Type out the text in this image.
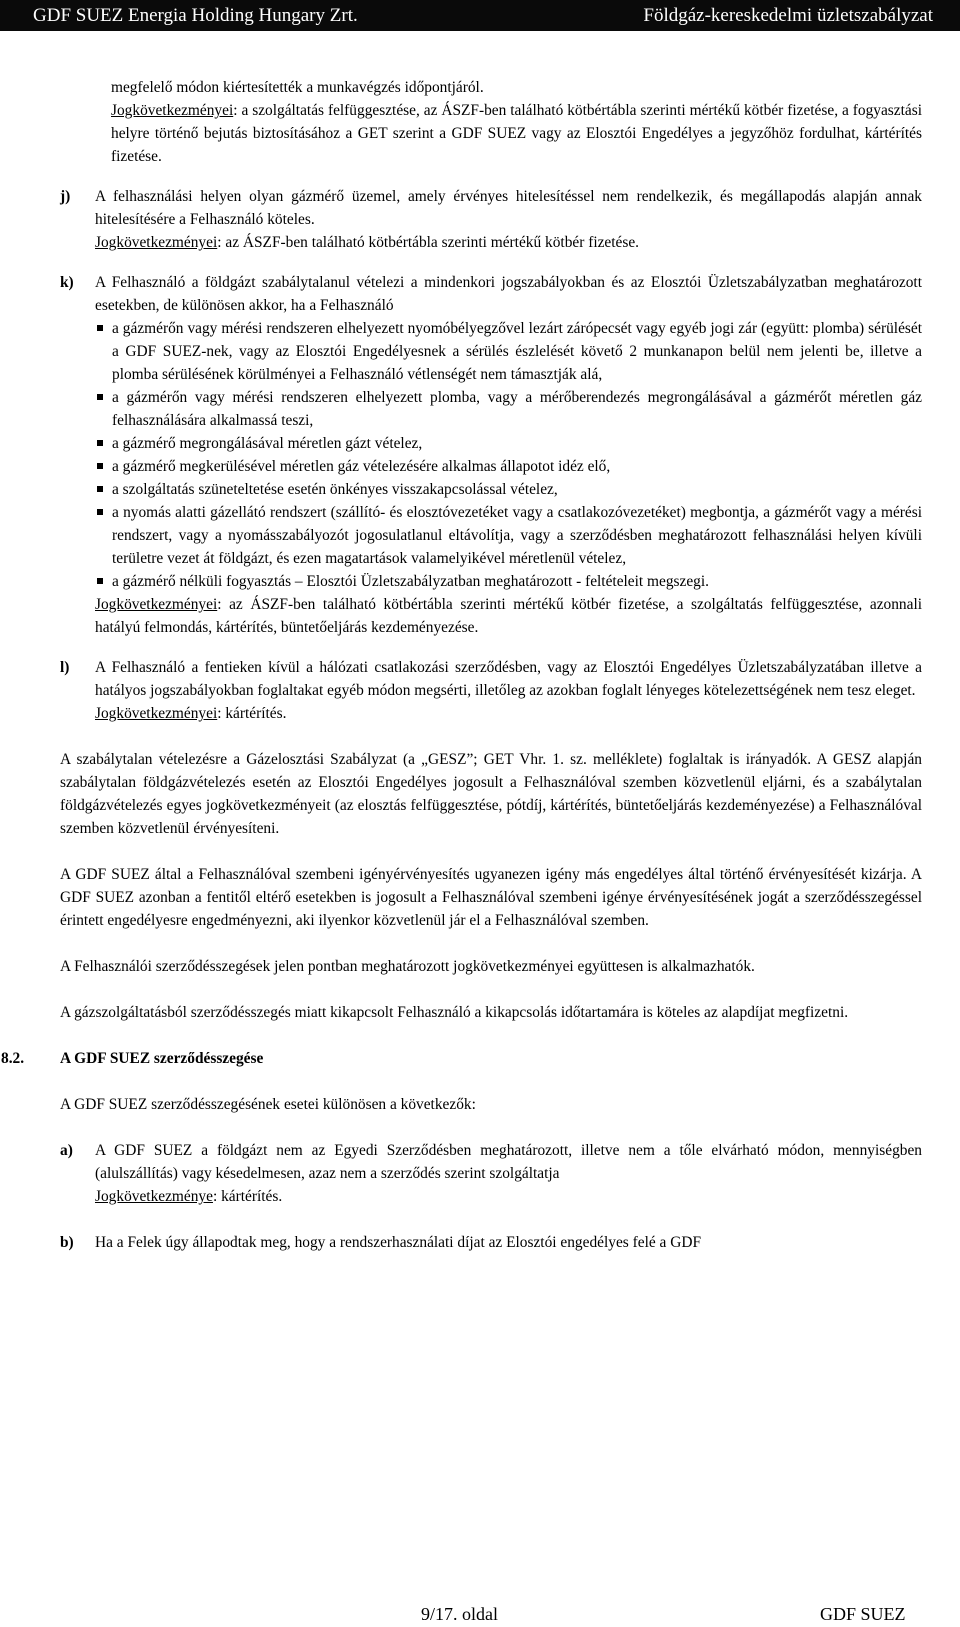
GDF SUEZ Energia Holding Hungary Zrt.	Földgáz-kereskedelmi üzletszabályzat

megfelelő módon kiértesítették a munkavégzés időpontjáról.

Jogkövetkezményei: a szolgáltatás felfüggesztése, az ÁSZF-ben található kötbértábla szerinti mértékű kötbér fizetése, a fogyasztási helyre történő bejutás biztosításához a GET szerint a GDF SUEZ vagy az Elosztói Engedélyes a jegyzőhöz fordulhat, kártérítés fizetése.

j) A felhasználási helyen olyan gázmérő üzemel, amely érvényes hitelesítéssel nem rendelkezik, és megállapodás alapján annak hitelesítésére a Felhasználó köteles.

Jogkövetkezményei: az ÁSZF-ben található kötbértábla szerinti mértékű kötbér fizetése.

k) A Felhasználó a földgázt szabálytalanul vételezi a mindenkori jogszabályokban és az Elosztói Üzletszabályzatban meghatározott esetekben, de különösen akkor, ha a Felhasználó

a gázmérőn vagy mérési rendszeren elhelyezett nyomóbélyegzővel lezárt zárópecsét vagy egyéb jogi zár (együtt: plomba) sérülését a GDF SUEZ-nek, vagy az Elosztói Engedélyesnek a sérülés észlelését követő 2 munkanapon belül nem jelenti be, illetve a plomba sérülésének körülményei a Felhasználó vétlenségét nem támasztják alá,

a gázmérőn vagy mérési rendszeren elhelyezett plomba, vagy a mérőberendezés megrongálásával a gázmérőt méretlen gáz felhasználására alkalmassá teszi,

a gázmérő megrongálásával méretlen gázt vételez,

a gázmérő megkerülésével méretlen gáz vételezésére alkalmas állapotot idéz elő,

a szolgáltatás szüneteltetése esetén önkényes visszakapcsolással vételez,

a nyomás alatti gázellátó rendszert (szállító- és elosztóvezetéket vagy a csatlakozóvezetéket) megbontja, a gázmérőt vagy a mérési rendszert, vagy a nyomásszabályozót jogosulatlanul eltávolítja, vagy a szerződésben meghatározott felhasználási helyen kívüli területre vezet át földgázt, és ezen magatartások valamelyikével méretlenül vételez,

a gázmérő nélküli fogyasztás – Elosztói Üzletszabályzatban meghatározott - feltételeit megszegi.

Jogkövetkezményei: az ÁSZF-ben található kötbértábla szerinti mértékű kötbér fizetése, a szolgáltatás felfüggesztése, azonnali hatályú felmondás, kártérítés, büntetőeljárás kezdeményezése.

l) A Felhasználó a fentieken kívül a hálózati csatlakozási szerződésben, vagy az Elosztói Engedélyes Üzletszabályzatában illetve a hatályos jogszabályokban foglaltakat egyéb módon megsérti, illetőleg az azokban foglalt lényeges kötelezettségének nem tesz eleget.

Jogkövetkezményei: kártérítés.

A szabálytalan vételezésre a Gázelosztási Szabályzat (a „GESZ”; GET Vhr. 1. sz. melléklete) foglaltak is irányadók. A GESZ alapján szabálytalan földgázvételezés esetén az Elosztói Engedélyes jogosult a Felhasználóval szemben közvetlenül eljárni, és a szabálytalan földgázvételezés egyes jogkövetkezményeit (az elosztás felfüggesztése, pótdíj, kártérítés, büntetőeljárás kezdeményezése) a Felhasználóval szemben közvetlenül érvényesíteni.

A GDF SUEZ által a Felhasználóval szembeni igényérvényesítés ugyanezen igény más engedélyes által történő érvényesítését kizárja. A GDF SUEZ azonban a fentitől eltérő esetekben is jogosult a Felhasználóval szembeni igénye érvényesítésének jogát a szerződésszegéssel érintett engedélyesre engedményezni, aki ilyenkor közvetlenül jár el a Felhasználóval szemben.

A Felhasználói szerződésszegések jelen pontban meghatározott jogkövetkezményei együttesen is alkalmazhatók.

A gázszolgáltatásból szerződésszegés miatt kikapcsolt Felhasználó a kikapcsolás időtartamára is köteles az alapdíjat megfizetni.

8.2. A GDF SUEZ szerződésszegése

A GDF SUEZ szerződésszegésének esetei különösen a következők:

a) A GDF SUEZ a földgázt nem az Egyedi Szerződésben meghatározott, illetve nem a tőle elvárható módon, mennyiségben (alulszállítás) vagy késedelmesen, azaz nem a szerződés szerint szolgáltatja

Jogkövetkezménye: kártérítés.

b) Ha a Felek úgy állapodtak meg, hogy a rendszerhasználati díjat az Elosztói engedélyes felé a GDF

9/17. oldal	GDF SUEZ
